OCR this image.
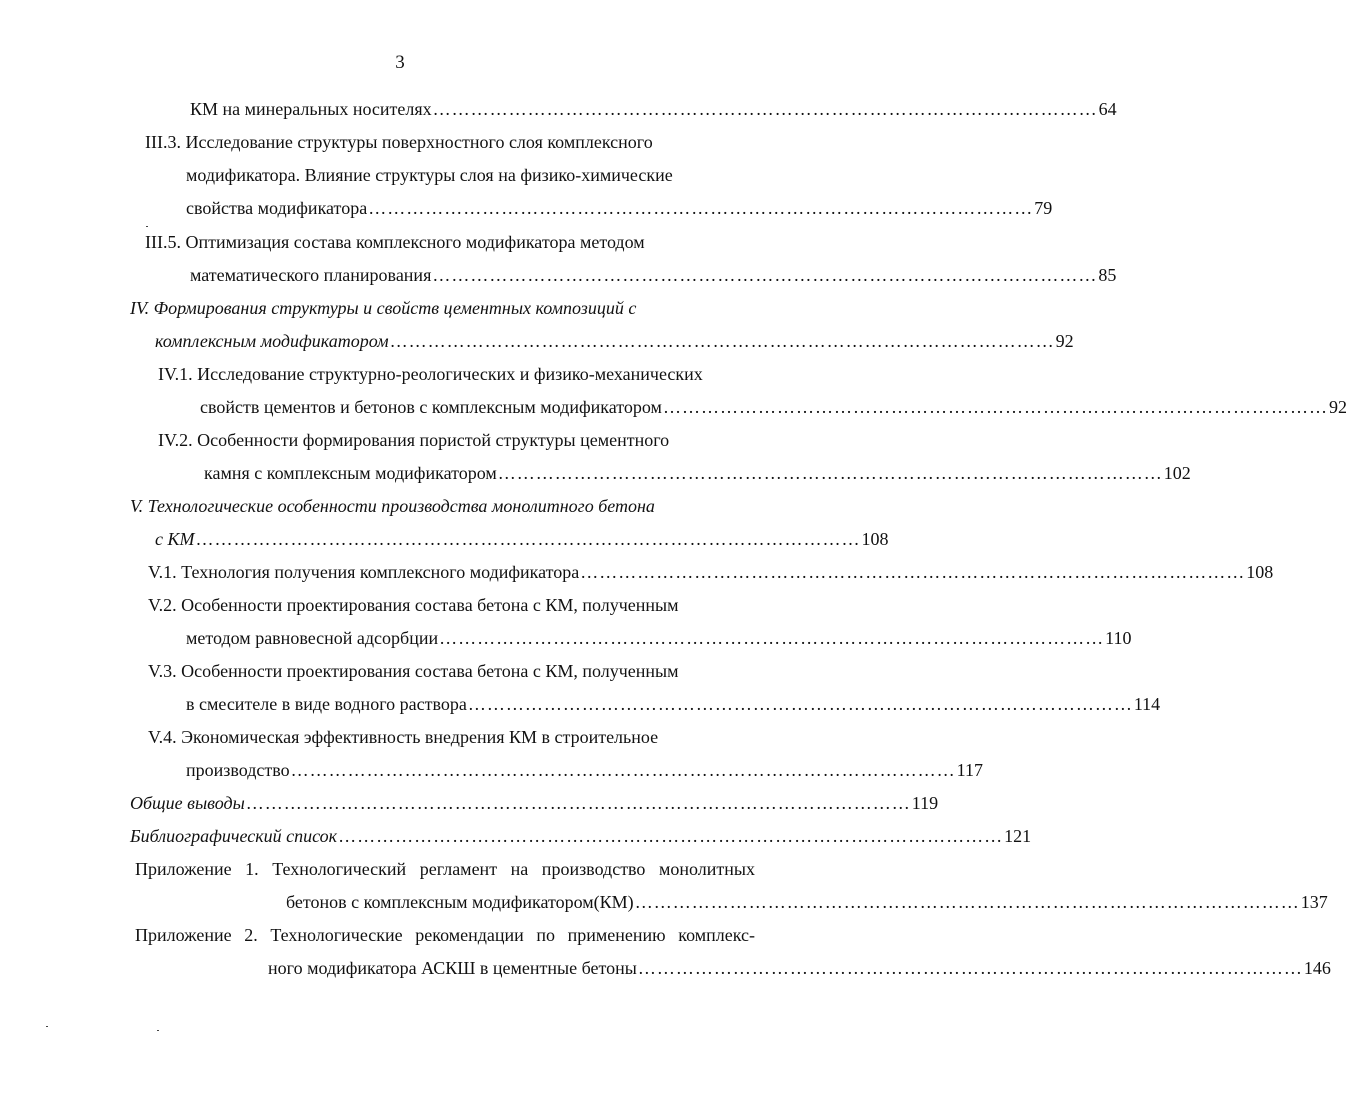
3
КМ на минеральных носителях …………………………………………………………………………………………… 64
III.3. Исследование структуры поверхностного слоя комплексного
модификатора. Влияние структуры слоя на физико-химические
свойства модификатора …………………………………………………………………………………………… 79
III.5. Оптимизация состава комплексного модификатора методом
математического планирования …………………………………………………………………………………………… 85
IV. Формирования структуры и свойств цементных композиций с
комплексным модификатором …………………………………………………………………………………………… 92
IV.1. Исследование структурно-реологических и физико-механических
свойств цементов и бетонов с комплексным модификатором …………………………………………………………………………………………… 92
IV.2. Особенности формирования пористой структуры цементного
камня с комплексным модификатором …………………………………………………………………………………………… 102
V. Технологические особенности производства монолитного бетона
с КМ …………………………………………………………………………………………… 108
V.1. Технология получения комплексного модификатора …………………………………………………………………………………………… 108
V.2. Особенности проектирования состава бетона с КМ, полученным
методом равновесной адсорбции …………………………………………………………………………………………… 110
V.3. Особенности проектирования состава бетона с КМ, полученным
в смесителе в виде водного раствора …………………………………………………………………………………………… 114
V.4. Экономическая эффективность внедрения КМ в строительное
производство …………………………………………………………………………………………… 117
Общие выводы …………………………………………………………………………………………… 119
Библиографический список …………………………………………………………………………………………… 121
Приложение 1. Технологический регламент на производство монолитных
бетонов с комплексным модификатором(КМ) …………………………………………………………………………………………… 137
Приложение 2. Технологические рекомендации по применению комплекс-
ного модификатора АСКШ в цементные бетоны …………………………………………………………………………………………… 146
